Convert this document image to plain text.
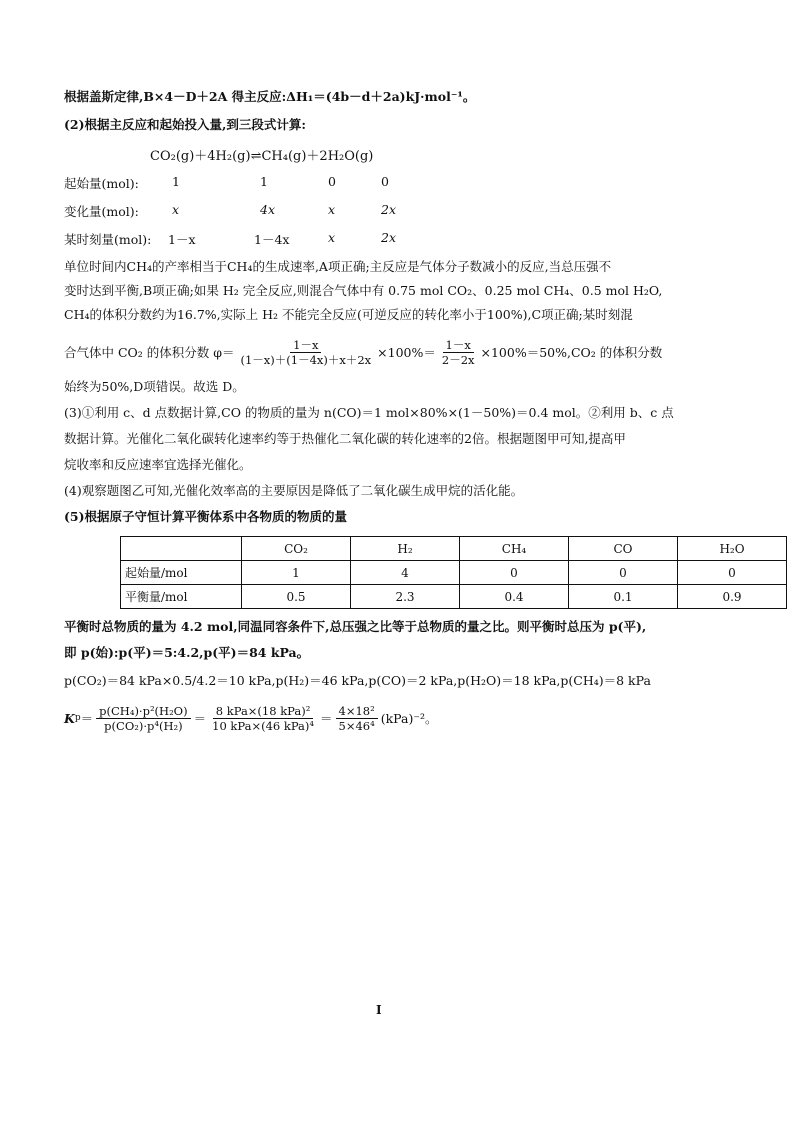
根据盖斯定律,B×4－D＋2A 得主反应:ΔH₁＝(4b－d＋2a)kJ·mol⁻¹。
(2)根据主反应和起始投入量,到三段式计算:
CO₂(g)＋4H₂(g)⇌CH₄(g)＋2H₂O(g)
起始量(mol):	1	1	0	0
变化量(mol):	x	4x	x	2x
某时刻量(mol): 1－x	1－4x	x	2x
单位时间内CH₄的产率相当于CH₄的生成速率,A项正确;主反应是气体分子数减小的反应,当总压强不
变时达到平衡,B项正确;如果 H₂ 完全反应,则混合气体中有 0.75 mol CO₂、0.25 mol CH₄、0.5 mol H₂O,
CH₄的体积分数约为16.7%,实际上 H₂ 不能完全反应(可逆反应的转化率小于100%),C项正确;某时刻混
合气体中 CO₂ 的体积分数 $\varphi= \frac{1-x}{(1-x)+(1-4x)+x+2x} \times 100\%= \frac{1-x}{2-2x} \times 100\%=50\%,CO_2$ 的体积分数
始终为50%,D项错误。故选 D。
(3)①利用 c、d 点数据计算,CO 的物质的量为 n(CO)＝1 mol×80%×(1－50%)＝0.4 mol。②利用 b、c 点
数据计算。光催化二氧化碳转化速率约等于热催化二氧化碳的转化速率的2倍。根据题图甲可知,提高甲
烷收率和反应速率宜选择光催化。
(4)观察题图乙可知,光催化效率高的主要原因是降低了二氧化碳生成甲烷的活化能。
(5)根据原子守恒计算平衡体系中各物质的物质的量
	CO₂	H₂	CH₄	CO	H₂O
起始量/mol	1	4	0	0	0
平衡量/mol	0.5	2.3	0.4	0.1	0.9
平衡时总物质的量为 4.2 mol,同温同容条件下,总压强之比等于总物质的量之比。则平衡时总压为 p(平),
即 p(始):p(平)＝5:4.2,p(平)＝84 kPa。
p(CO₂)＝84 kPa×0.5/4.2＝10 kPa,p(H₂)＝46 kPa,p(CO)＝2 kPa,p(H₂O)＝18 kPa,p(CH₄)＝8 kPa
K $p = \frac{\text{p(CH₄)·p²(H₂O)}}{\text{p(CO₂)·p⁴(H₂)}} = \frac{\text{8 kPa×(18 kPa)²}}{\text{10 kPa×(46 kPa)⁴}} = \frac{\text{4×18²}}{\text{5×46⁴}} (kPa)^{-2}$。
I
